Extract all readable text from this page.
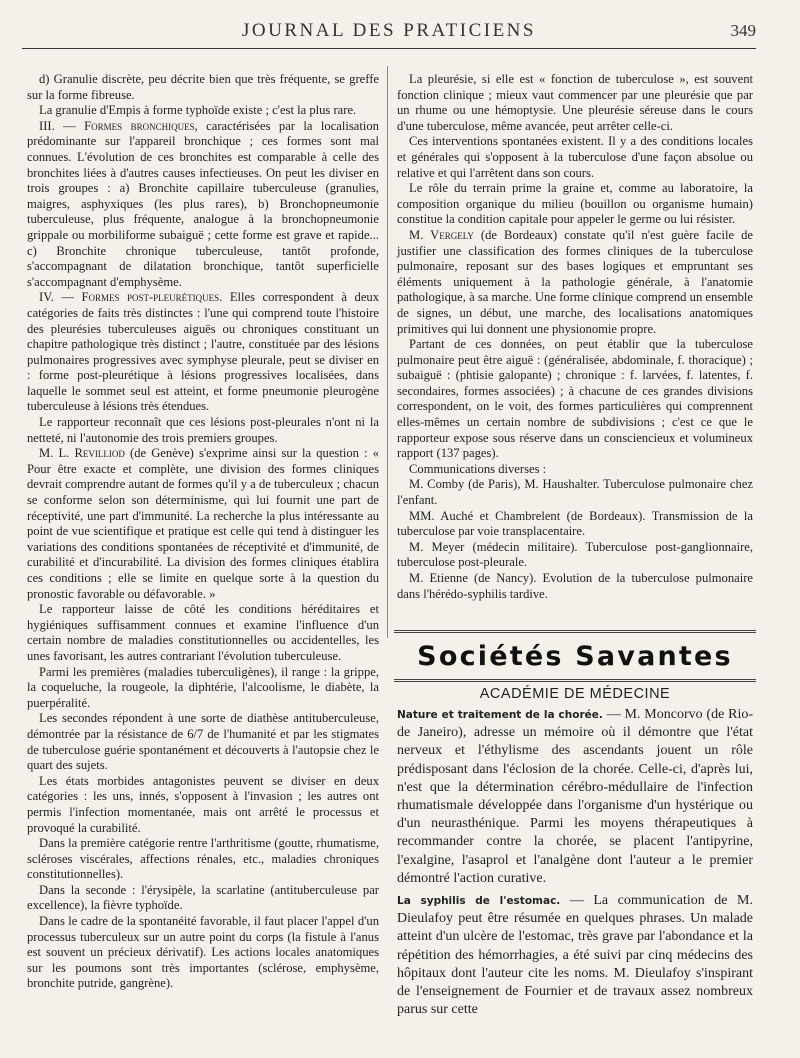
JOURNAL DES PRATICIENS	349

d) Granulie discrète, peu décrite bien que très fréquente, se greffe sur la forme fibreuse.

La granulie d'Empis à forme typhoïde existe ; c'est la plus rare.

III. — Formes bronchiques, caractérisées par la localisation prédominante sur l'appareil bronchique ; ces formes sont mal connues. L'évolution de ces bronchites est comparable à celle des bronchites liées à d'autres causes infectieuses. On peut les diviser en trois groupes : a) Bronchite capillaire tuberculeuse (granulies, maigres, asphyxiques (les plus rares), b) Bronchopneumonie tuberculeuse, plus fréquente, analogue à la bronchopneumonie grippale ou morbiliforme subaiguë ; cette forme est grave et rapide... c) Bronchite chronique tuberculeuse, tantôt profonde, s'accompagnant de dilatation bronchique, tantôt superficielle s'accompagnant d'emphysème.

IV. — Formes post-pleurétiques. Elles correspondent à deux catégories de faits très distinctes : l'une qui comprend toute l'histoire des pleurésies tuberculeuses aiguës ou chroniques constituant un chapitre pathologique très distinct ; l'autre, constituée par des lésions pulmonaires progressives avec symphyse pleurale, peut se diviser en : forme post-pleurétique à lésions progressives localisées, dans laquelle le sommet seul est atteint, et forme pneumonie pleurogène tuberculeuse à lésions très étendues.

Le rapporteur reconnaît que ces lésions post-pleurales n'ont ni la netteté, ni l'autonomie des trois premiers groupes.

M. L. Revilliod (de Genève) s'exprime ainsi sur la question : « Pour être exacte et complète, une division des formes cliniques devrait comprendre autant de formes qu'il y a de tuberculeux ; chacun se conforme selon son déterminisme, qui lui fournit une part de réceptivité, une part d'immunité. La recherche la plus intéressante au point de vue scientifique et pratique est celle qui tend à distinguer les variations des conditions spontanées de réceptivité et d'immunité, de curabilité et d'incurabilité. La division des formes cliniques établira ces conditions ; elle se limite en quelque sorte à la question du pronostic favorable ou défavorable. »

Le rapporteur laisse de côté les conditions héréditaires et hygiéniques suffisamment connues et examine l'influence d'un certain nombre de maladies constitutionnelles ou accidentelles, les unes favorisant, les autres contrariant l'évolution tuberculeuse.

Parmi les premières (maladies tuberculigènes), il range : la grippe, la coqueluche, la rougeole, la diphtérie, l'alcoolisme, le diabète, la puerpéralité.

Les secondes répondent à une sorte de diathèse antituberculeuse, démontrée par la résistance de 6/7 de l'humanité et par les stigmates de tuberculose guérie spontanément et découverts à l'autopsie chez le quart des sujets.

Les états morbides antagonistes peuvent se diviser en deux catégories : les uns, innés, s'opposent à l'invasion ; les autres ont permis l'infection momentanée, mais ont arrêté le processus et provoqué la curabilité.

Dans la première catégorie rentre l'arthritisme (goutte, rhumatisme, scléroses viscérales, affections rénales, etc., maladies chroniques constitutionnelles).

Dans la seconde : l'érysipèle, la scarlatine (antituberculeuse par excellence), la fièvre typhoïde.

Dans le cadre de la spontanéité favorable, il faut placer l'appel d'un processus tuberculeux sur un autre point du corps (la fistule à l'anus est souvent un précieux dérivatif). Les actions locales anatomiques sur les poumons sont très importantes (sclérose, emphysème, bronchite putride, gangrène).

La pleurésie, si elle est « fonction de tuberculose », est souvent fonction clinique ; mieux vaut commencer par une pleurésie que par un rhume ou une hémoptysie. Une pleurésie séreuse dans le cours d'une tuberculose, même avancée, peut arrêter celle-ci.

Ces interventions spontanées existent. Il y a des conditions locales et générales qui s'opposent à la tuberculose d'une façon absolue ou relative et qui l'arrêtent dans son cours.

Le rôle du terrain prime la graine et, comme au laboratoire, la composition organique du milieu (bouillon ou organisme humain) constitue la condition capitale pour appeler le germe ou lui résister.

M. Vergely (de Bordeaux) constate qu'il n'est guère facile de justifier une classification des formes cliniques de la tuberculose pulmonaire, reposant sur des bases logiques et empruntant ses éléments uniquement à la pathologie générale, à l'anatomie pathologique, à sa marche. Une forme clinique comprend un ensemble de signes, un début, une marche, des localisations anatomiques primitives qui lui donnent une physionomie propre.

Partant de ces données, on peut établir que la tuberculose pulmonaire peut être aiguë : (généralisée, abdominale, f. thoracique) ; subaiguë : (phtisie galopante) ; chronique : f. larvées, f. latentes, f. secondaires, formes associées) ; à chacune de ces grandes divisions correspondent, on le voit, des formes particulières qui comprennent elles-mêmes un certain nombre de subdivisions ; c'est ce que le rapporteur expose sous réserve dans un consciencieux et volumineux rapport (137 pages).

Communications diverses :

M. Comby (de Paris), M. Haushalter. Tuberculose pulmonaire chez l'enfant.

MM. Auché et Chambrelent (de Bordeaux). Transmission de la tuberculose par voie transplacentaire.

M. Meyer (médecin militaire). Tuberculose post-ganglionnaire, tuberculose post-pleurale.

M. Etienne (de Nancy). Evolution de la tuberculose pulmonaire dans l'hérédo-syphilis tardive.

Sociétés Savantes
ACADÉMIE DE MÉDECINE

Nature et traitement de la chorée. — M. Moncorvo (de Rio-de Janeiro), adresse un mémoire où il démontre que l'état nerveux et l'éthylisme des ascendants jouent un rôle prédisposant dans l'éclosion de la chorée. Celle-ci, d'après lui, n'est que la détermination cérébro-médullaire de l'infection rhumatismale développée dans l'organisme d'un hystérique ou d'un neurasthénique. Parmi les moyens thérapeutiques à recommander contre la chorée, se placent l'antipyrine, l'exalgine, l'asaprol et l'analgène dont l'auteur a le premier démontré l'action curative.

La syphilis de l'estomac. — La communication de M. Dieulafoy peut être résumée en quelques phrases. Un malade atteint d'un ulcère de l'estomac, très grave par l'abondance et la répétition des hémorrhagies, a été suivi par cinq médecins des hôpitaux dont l'auteur cite les noms. M. Dieulafoy s'inspirant de l'enseignement de Fournier et de travaux assez nombreux parus sur cette
